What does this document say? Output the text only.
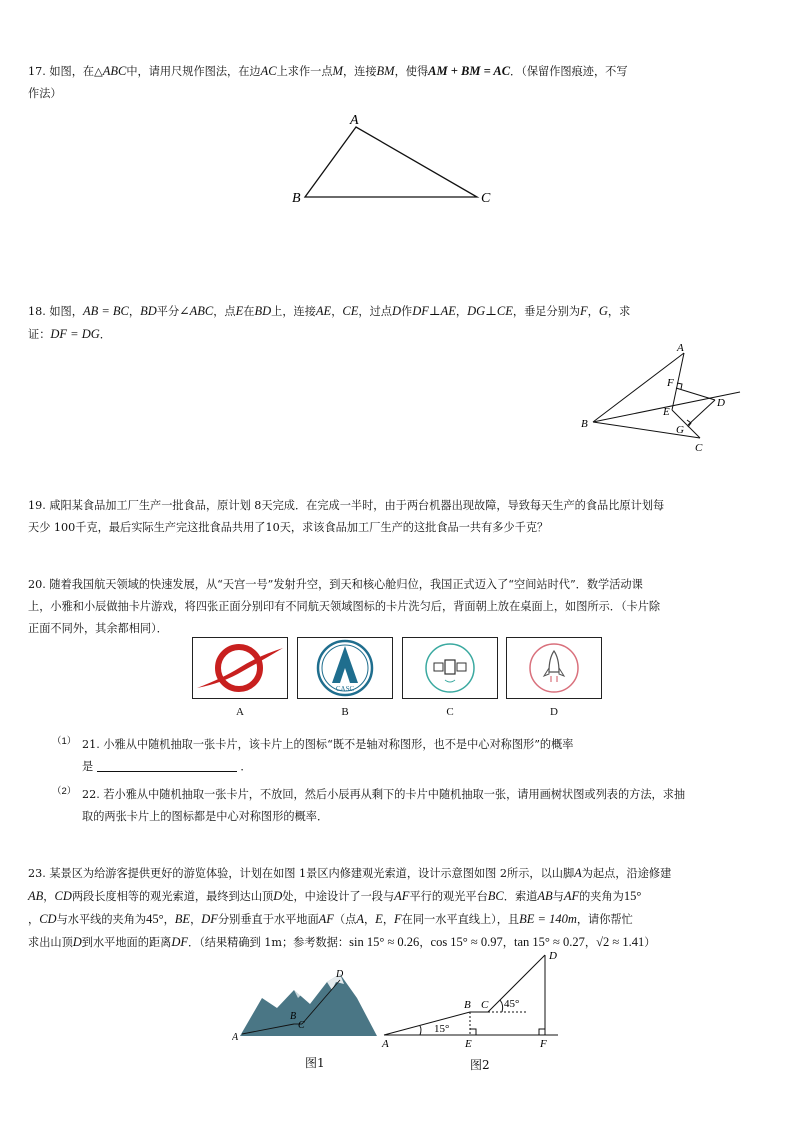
17. 如图，在△ABC中，请用尺规作图法，在边AC上求作一点M，连接BM，使得AM + BM = AC．（保留作图痕迹，不写
作法）
A
B	C
18. 如图，AB = BC，BD平分∠ABC，点E在BD上，连接AE，CE，过点D作DF⊥AE，DG⊥CE，垂足分别为F，G，求
证：DF = DG．
A
B
C
D
E
F
G
19. 咸阳某食品加工厂生产一批食品，原计划 8天完成．在完成一半时，由于两台机器出现故障，导致每天生产的食品比原计划每
天少 100千克，最后实际生产完这批食品共用了10天，求该食品加工厂生产的这批食品一共有多少千克？
20. 随着我国航天领域的快速发展，从“天宫一号”发射升空，到天和核心舱归位，我国正式迈入了“空间站时代”．数学活动课
上，小雅和小辰做抽卡片游戏，将四张正面分别印有不同航天领域图标的卡片洗匀后，背面朝上放在桌面上，如图所示．（卡片除
正面不同外，其余都相同）．
CASC
A	B	C	D
（1） 21. 小雅从中随机抽取一张卡片，该卡片上的图标“既不是轴对称图形，也不是中心对称图形”的概率
是	．
（2） 22. 若小雅从中随机抽取一张卡片，不放回，然后小辰再从剩下的卡片中随机抽取一张，请用画树状图或列表的方法，求抽
取的两张卡片上的图标都是中心对称图形的概率．
23. 某景区为给游客提供更好的游览体验，计划在如图 1景区内修建观光索道，设计示意图如图 2所示，以山脚A为起点，沿途修建
AB，CD两段长度相等的观光索道，最终到达山顶D处，中途设计了一段与AF平行的观光平台BC．索道AB与AF的夹角为15°
，CD与水平线的夹角为45°，BE，DF分别垂直于水平地面AF（点A，E，F在同一水平直线上），且BE = 140m，请你帮忙
求出山顶D到水平地面的距离DF．（结果精确到 1m；参考数据：sin 15° ≈ 0.26，cos 15° ≈ 0.97，tan 15° ≈ 0.27，√2 ≈ 1.41）
A
B
C
D
图1
A
B C
D
E	F
15°
45°
图2
